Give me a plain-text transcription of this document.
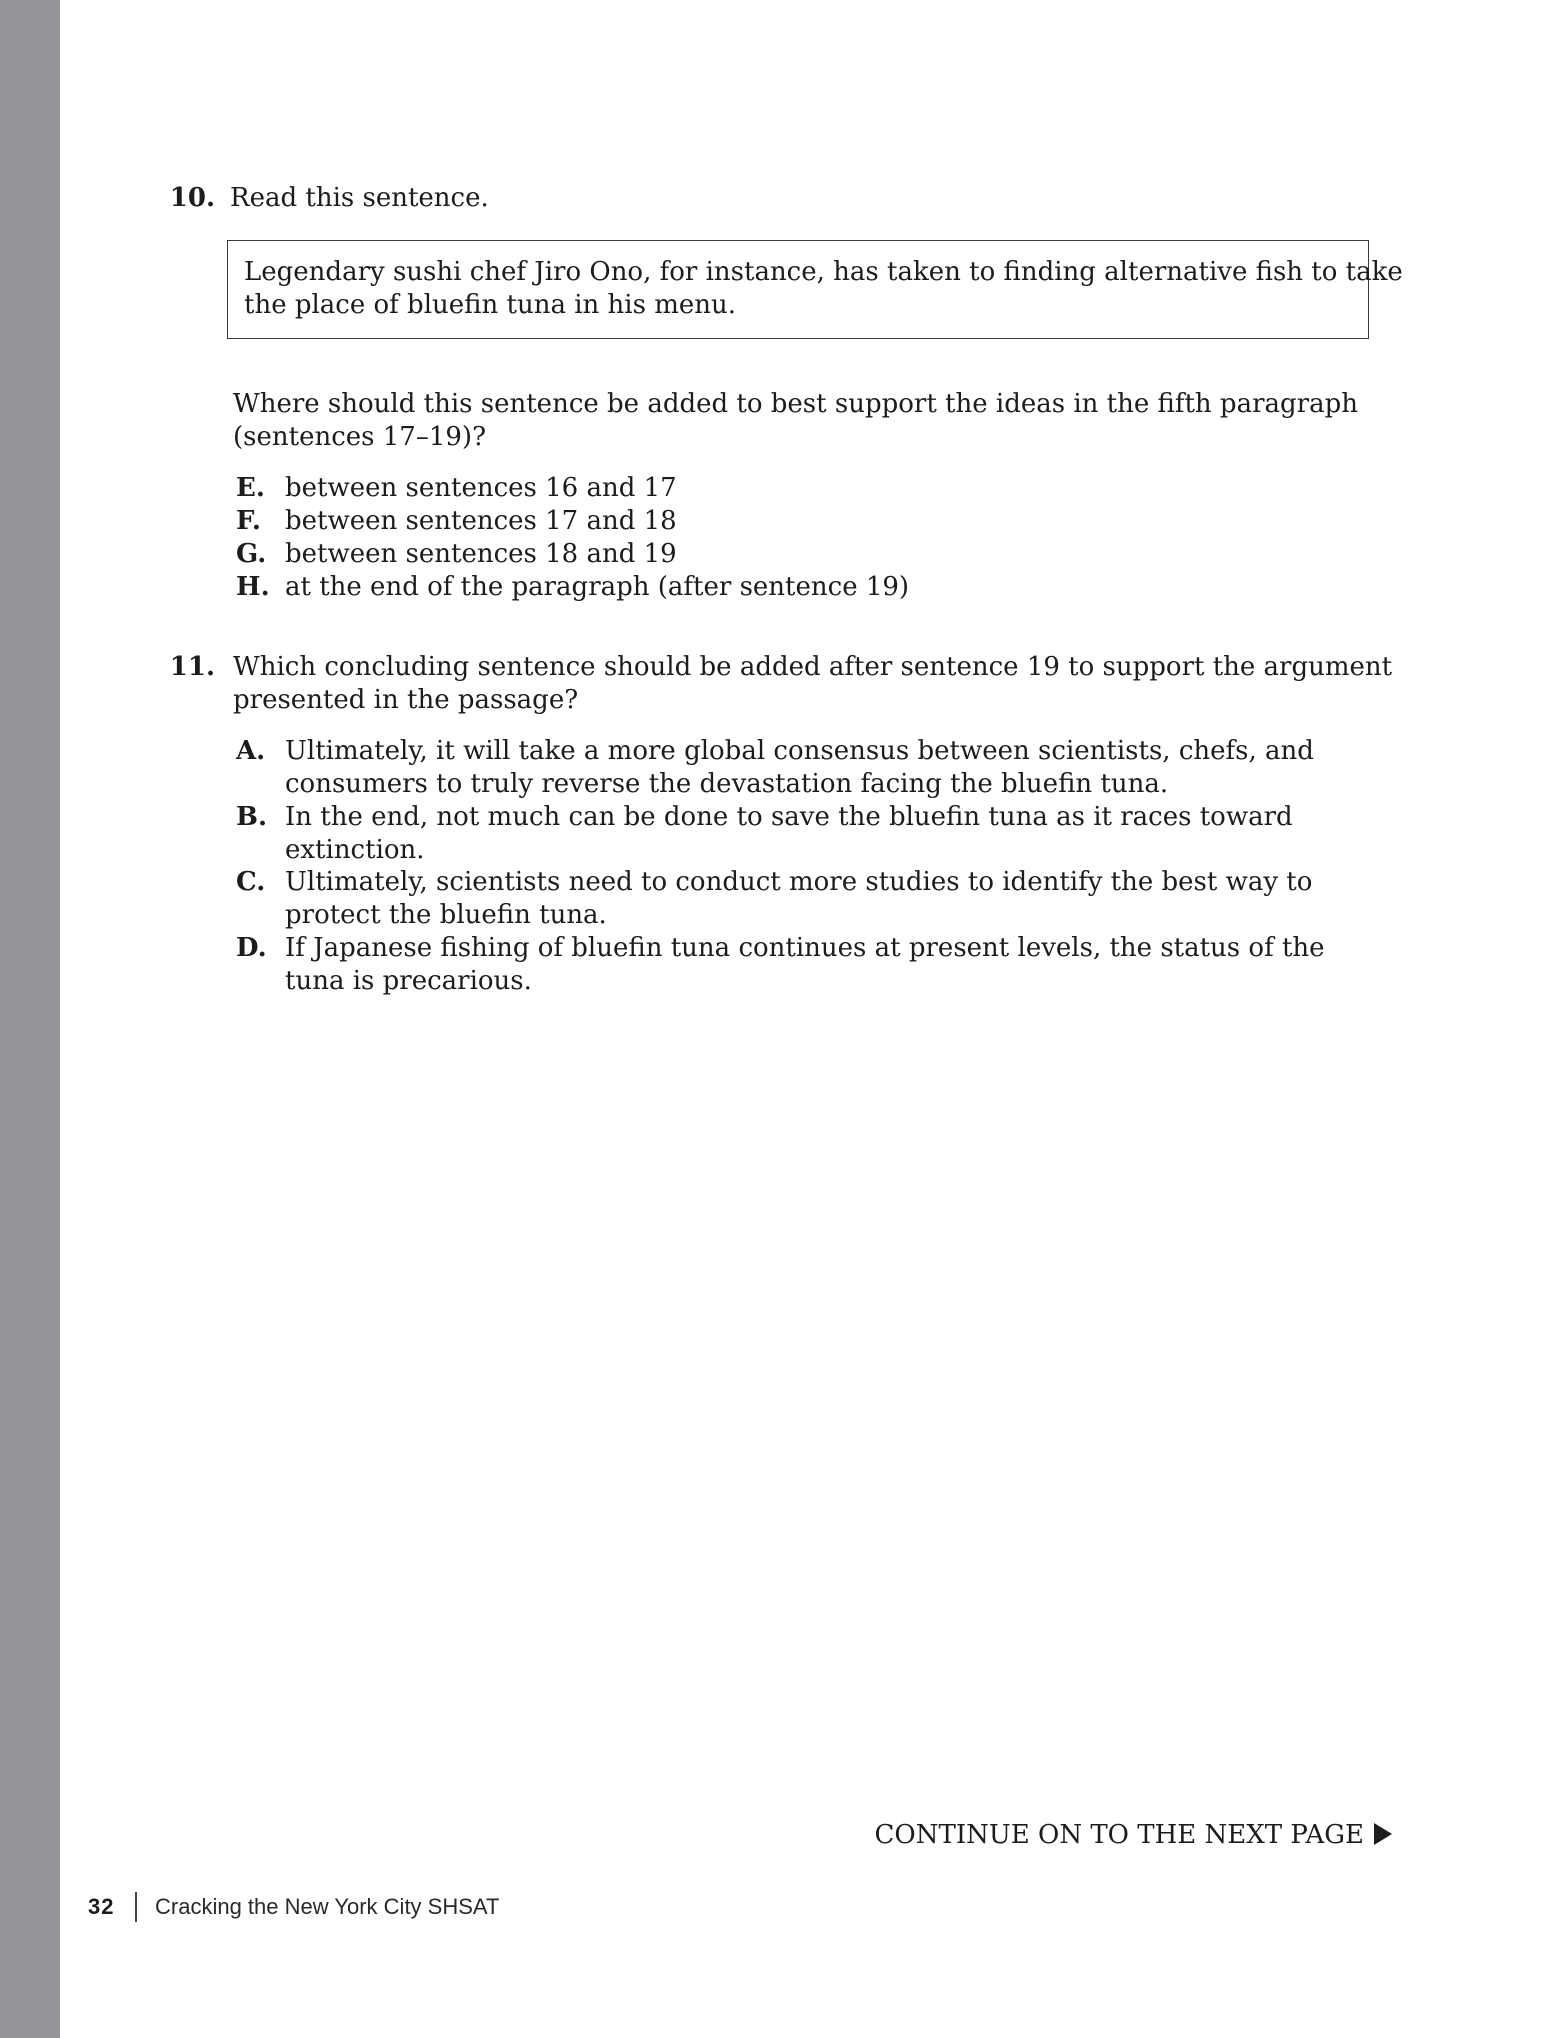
10. Read this sentence.
Legendary sushi chef Jiro Ono, for instance, has taken to finding alternative fish to take
the place of bluefin tuna in his menu.
Where should this sentence be added to best support the ideas in the fifth paragraph
(sentences 17–19)?
E. between sentences 16 and 17
F. between sentences 17 and 18
G. between sentences 18 and 19
H. at the end of the paragraph (after sentence 19)
11. Which concluding sentence should be added after sentence 19 to support the argument
presented in the passage?
A. Ultimately, it will take a more global consensus between scientists, chefs, and
consumers to truly reverse the devastation facing the bluefin tuna.
B. In the end, not much can be done to save the bluefin tuna as it races toward
extinction.
C. Ultimately, scientists need to conduct more studies to identify the best way to
protect the bluefin tuna.
D. If Japanese fishing of bluefin tuna continues at present levels, the status of the
tuna is precarious.
CONTINUE ON TO THE NEXT PAGE
32 Cracking the New York City SHSAT
